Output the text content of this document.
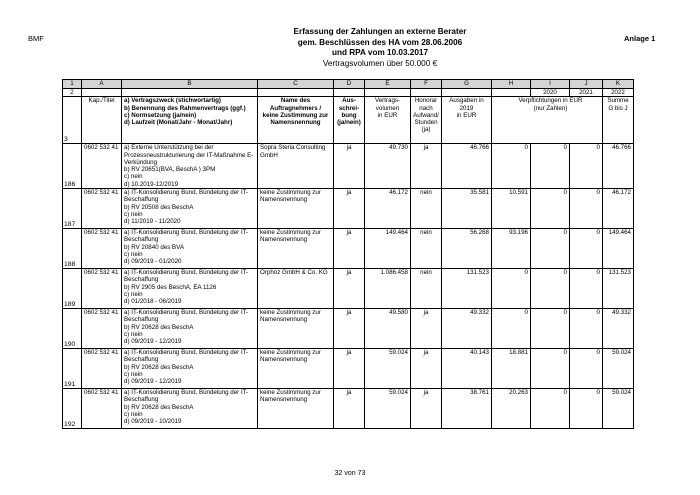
BMF	Anlage 1
Erfassung der Zahlungen an externe Berater
gem. Beschlüssen des HA vom 28.06.2006
und RPA vom 10.03.2017
Vertragsvolumen über 50.000 €
1	A	B	C	D	E	F	G	H	I	J	K
2									2020	2021	2022
3	Kap./Titel	a) Vertragszweck (stichwortartig)
b) Benennung des Rahmenvertrags (ggf.)
c) Normsetzung (ja/nein)
d) Laufzeit (Monat/Jahr - Monat/Jahr)	Name des
Auftragnehmers /
keine Zustimmung zur
Namensnennung	Aus-
schrei-
bung
(ja/nein)	Vertrags-
volumen
in EUR	Honorar
nach
Aufwand/
Stunden
(ja)	Ausgaben in
2019
in EUR		Verpflichtungen in EUR
(nur Zahlen)		Summe
G bis J
186	0602 532 41	a) Externe Unterstützung bei der Prozessneustrukturierung der IT-Maßnahme E-Verkündung
b) RV 20651(BVA, BeschA ) 3PM
c) nein
d) 10.2019-12/2019	Sopra Steria Consulting GmbH	ja	49.730	ja	46.766	0	0	0	46.766
187	0602 532 41	a) IT-Konsolidierung Bund, Bündelung der IT-Beschaffung
b) RV 20508 des BeschA
c) nein
d) 11/2019 - 11/2020	keine Zustimmung zur Namensnennung	ja	46.172	nein	35.581	10.591	0	0	46.172
188	0602 532 41	a) IT-Konsolidierung Bund, Bündelung der IT-Beschaffung
b) RV 20840 des BVA
c) nein
d) 09/2019 - 01/2020	keine Zustimmung zur Namensnennung	ja	149.464	nein	56.268	93.196	0	0	149.464
189	0602 532 41	a) IT-Konsolidierung Bund, Bündelung der IT-Beschaffung
b) RV 2905 des BeschA, EA 1126
c) nein
d) 01/2018 - 06/2019	Orphoz GmbH & Co. KG	ja	1.086.458	nein	131.523	0	0	0	131.523
190	0602 532 41	a) IT-Konsolidierung Bund, Bündelung der IT-Beschaffung
b) RV 20628 des BeschA
c) nein
d) 09/2019 - 12/2019	keine Zustimmung zur Namensnennung	ja	49.580	ja	49.332	0	0	0	49.332
191	0602 532 41	a) IT-Konsolidierung Bund, Bündelung der IT-Beschaffung
b) RV 20628 des BeschA
c) nein
d) 09/2019 - 12/2019	keine Zustimmung zur Namensnennung	ja	59.024	ja	40.143	18.881	0	0	59.024
192	0602 532 41	a) IT-Konsolidierung Bund, Bündelung der IT-Beschaffung
b) RV 20628 des BeschA
c) nein
d) 09/2019 - 10/2019	keine Zustimmung zur Namensnennung	ja	59.024	ja	38.761	20.263	0	0	59.024
32 von 73
